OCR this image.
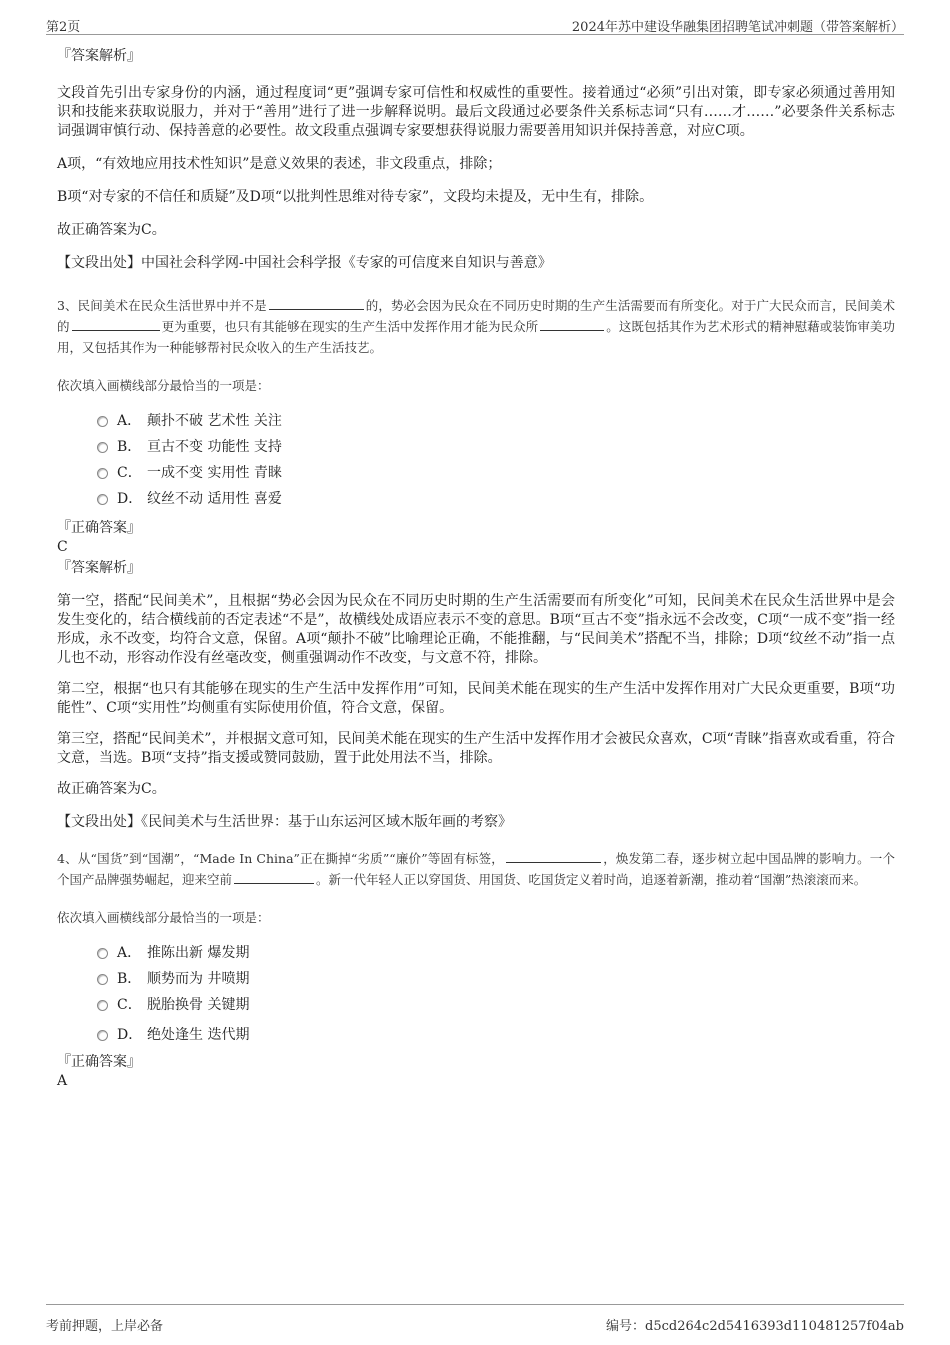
第2页	2024年苏中建设华融集团招聘笔试冲刺题（带答案解析）
『答案解析』

文段首先引出专家身份的内涵，通过程度词“更”强调专家可信性和权威性的重要性。接着通过“必须”引出对策，即专家必须通过善用知识和技能来获取说服力，并对于“善用”进行了进一步解释说明。最后文段通过必要条件关系标志词“只有……才……”必要条件关系标志词强调审慎行动、保持善意的必要性。故文段重点强调专家要想获得说服力需要善用知识并保持善意，对应C项。

A项，“有效地应用技术性知识”是意义效果的表述，非文段重点，排除；

B项“对专家的不信任和质疑”及D项“以批判性思维对待专家”，文段均未提及，无中生有，排除。

故正确答案为C。

【文段出处】中国社会科学网-中国社会科学报《专家的可信度来自知识与善意》

3、民间美术在民众生活世界中并不是	的，势必会因为民众在不同历史时期的生产生活需要而有所变化。对于广大民众而言，民间美术的	更为重要，也只有其能够在现实的生产生活中发挥作用才能为民众所	。这既包括其作为艺术形式的精神慰藉或装饰审美功用，又包括其作为一种能够帮衬民众收入的生产生活技艺。

依次填入画横线部分最恰当的一项是：

A． 颠扑不破 艺术性 关注
B． 亘古不变 功能性 支持
C． 一成不变 实用性 青睐
D． 纹丝不动 适用性 喜爱
『正确答案』
C
『答案解析』

第一空，搭配“民间美术”，且根据“势必会因为民众在不同历史时期的生产生活需要而有所变化”可知，民间美术在民众生活世界中是会发生变化的，结合横线前的否定表述“不是”，故横线处成语应表示不变的意思。B项“亘古不变”指永远不会改变，C项“一成不变”指一经形成，永不改变，均符合文意，保留。A项“颠扑不破”比喻理论正确，不能推翻，与“民间美术”搭配不当，排除；D项“纹丝不动”指一点儿也不动，形容动作没有丝毫改变，侧重强调动作不改变，与文意不符，排除。

第二空，根据“也只有其能够在现实的生产生活中发挥作用”可知，民间美术能在现实的生产生活中发挥作用对广大民众更重要，B项“功能性”、C项“实用性”均侧重有实际使用价值，符合文意，保留。

第三空，搭配“民间美术”，并根据文意可知，民间美术能在现实的生产生活中发挥作用才会被民众喜欢，C项“青睐”指喜欢或看重，符合文意，当选。B项“支持”指支援或赞同鼓励，置于此处用法不当，排除。

故正确答案为C。

【文段出处】《民间美术与生活世界：基于山东运河区域木版年画的考察》

4、从“国货”到“国潮”，“Made In China”正在撕掉“劣质”“廉价”等固有标签，	，焕发第二春，逐步树立起中国品牌的影响力。一个个国产品牌强势崛起，迎来空前	。新一代年轻人正以穿国货、用国货、吃国货定义着时尚，追逐着新潮，推动着“国潮”热滚滚而来。

依次填入画横线部分最恰当的一项是：

A． 推陈出新 爆发期
B． 顺势而为 井喷期
C． 脱胎换骨 关键期
D． 绝处逢生 迭代期
『正确答案』
A
考前押题，上岸必备	编号：d5cd264c2d5416393d110481257f04ab
